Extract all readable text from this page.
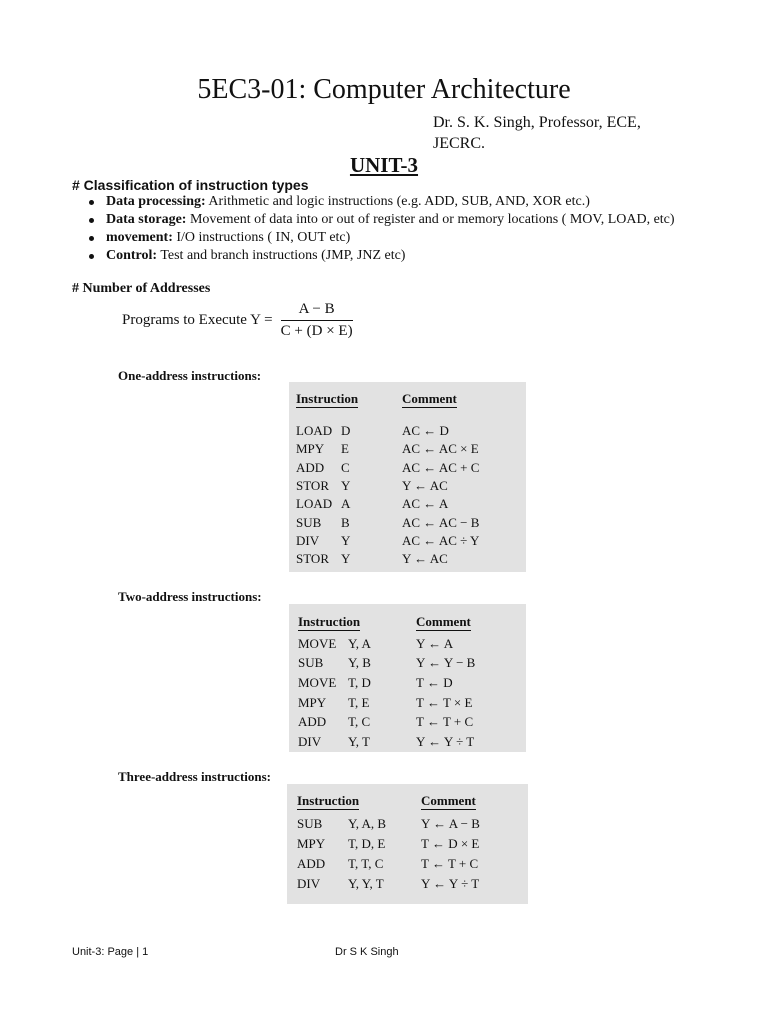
5EC3-01: Computer Architecture
Dr. S. K. Singh, Professor, ECE,
JECRC.
UNIT-3
# Classification of instruction types
Data processing: Arithmetic and logic instructions (e.g. ADD, SUB, AND, XOR etc.)
Data storage: Movement of data into or out of register and or memory locations ( MOV, LOAD, etc)
movement: I/O instructions ( IN, OUT etc)
Control: Test and branch instructions (JMP, JNZ etc)
# Number of Addresses
Programs to Execute $Y = \frac{A - B}{C + (D \times E)}$
One-address instructions:
Instruction	Comment

LOAD D	AC ← D
MPY E	AC ← AC × E
ADD C	AC ← AC + C
STOR Y	Y ← AC
LOAD A	AC ← A
SUB B	AC ← AC − B
DIV Y	AC ← AC ÷ Y
STOR Y	Y ← AC
Two-address instructions:
Instruction	Comment
MOVE Y, A	Y ← A
SUB Y, B	Y ← Y − B
MOVE T, D	T ← D
MPY T, E	T ← T × E
ADD T, C	T ← T + C
DIV Y, T	Y ← Y ÷ T
Three-address instructions:
Instruction	Comment
SUB Y, A, B	Y ← A − B
MPY T, D, E	T ← D × E
ADD T, T, C	T ← T + C
DIV Y, Y, T	Y ← Y ÷ T
Unit-3: Page | 1	Dr S K Singh
